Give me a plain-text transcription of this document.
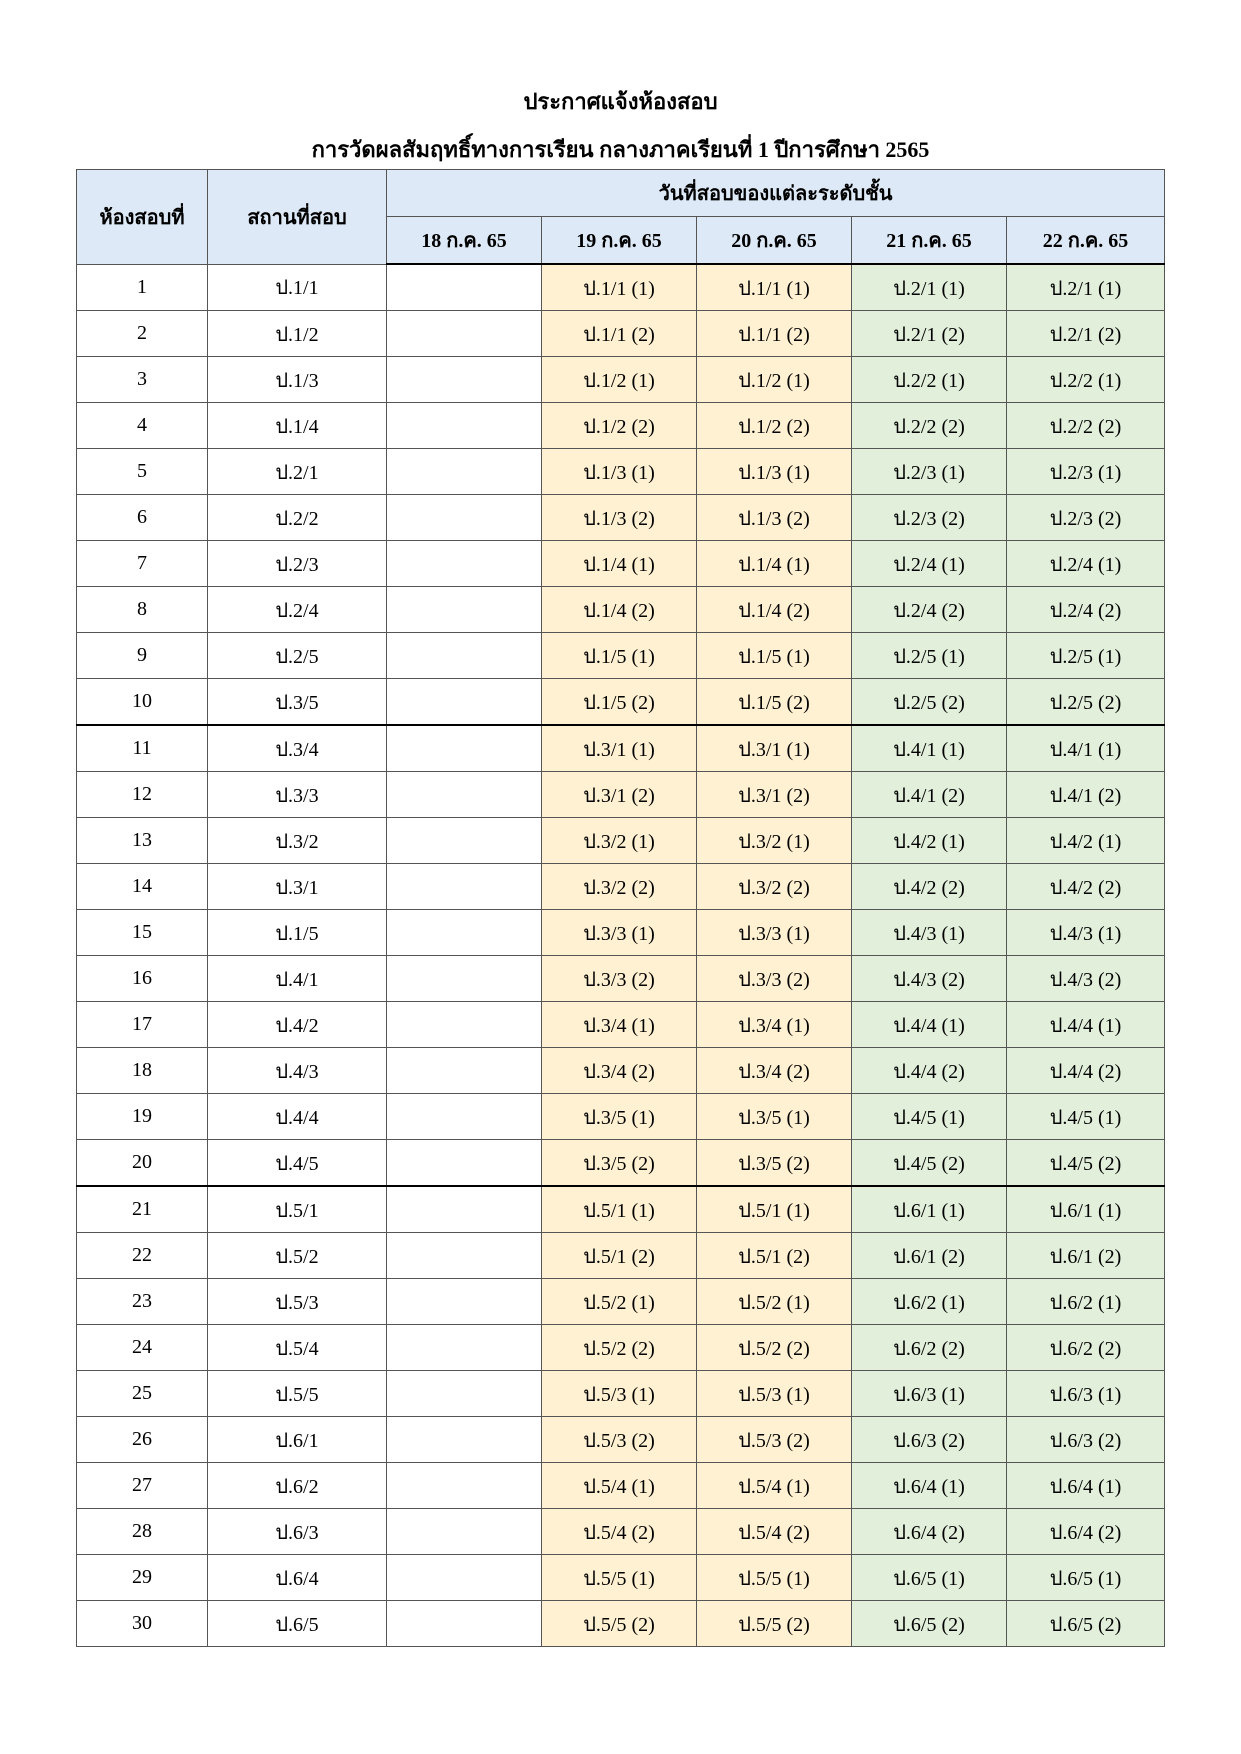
ประกาศแจ้งห้องสอบ
การวัดผลสัมฤทธิ์ทางการเรียน กลางภาคเรียนที่ 1 ปีการศึกษา 2565
ห้องสอบที่	สถานที่สอบ	วันที่สอบของแต่ละระดับชั้น				
		18 ก.ค. 65	19 ก.ค. 65	20 ก.ค. 65	21 ก.ค. 65	22 ก.ค. 65
1	ป.1/1		ป.1/1 (1)	ป.1/1 (1)	ป.2/1 (1)	ป.2/1 (1)
2	ป.1/2		ป.1/1 (2)	ป.1/1 (2)	ป.2/1 (2)	ป.2/1 (2)
3	ป.1/3		ป.1/2 (1)	ป.1/2 (1)	ป.2/2 (1)	ป.2/2 (1)
4	ป.1/4		ป.1/2 (2)	ป.1/2 (2)	ป.2/2 (2)	ป.2/2 (2)
5	ป.2/1		ป.1/3 (1)	ป.1/3 (1)	ป.2/3 (1)	ป.2/3 (1)
6	ป.2/2		ป.1/3 (2)	ป.1/3 (2)	ป.2/3 (2)	ป.2/3 (2)
7	ป.2/3		ป.1/4 (1)	ป.1/4 (1)	ป.2/4 (1)	ป.2/4 (1)
8	ป.2/4		ป.1/4 (2)	ป.1/4 (2)	ป.2/4 (2)	ป.2/4 (2)
9	ป.2/5		ป.1/5 (1)	ป.1/5 (1)	ป.2/5 (1)	ป.2/5 (1)
10	ป.3/5		ป.1/5 (2)	ป.1/5 (2)	ป.2/5 (2)	ป.2/5 (2)
11	ป.3/4		ป.3/1 (1)	ป.3/1 (1)	ป.4/1 (1)	ป.4/1 (1)
12	ป.3/3		ป.3/1 (2)	ป.3/1 (2)	ป.4/1 (2)	ป.4/1 (2)
13	ป.3/2		ป.3/2 (1)	ป.3/2 (1)	ป.4/2 (1)	ป.4/2 (1)
14	ป.3/1		ป.3/2 (2)	ป.3/2 (2)	ป.4/2 (2)	ป.4/2 (2)
15	ป.1/5		ป.3/3 (1)	ป.3/3 (1)	ป.4/3 (1)	ป.4/3 (1)
16	ป.4/1		ป.3/3 (2)	ป.3/3 (2)	ป.4/3 (2)	ป.4/3 (2)
17	ป.4/2		ป.3/4 (1)	ป.3/4 (1)	ป.4/4 (1)	ป.4/4 (1)
18	ป.4/3		ป.3/4 (2)	ป.3/4 (2)	ป.4/4 (2)	ป.4/4 (2)
19	ป.4/4		ป.3/5 (1)	ป.3/5 (1)	ป.4/5 (1)	ป.4/5 (1)
20	ป.4/5		ป.3/5 (2)	ป.3/5 (2)	ป.4/5 (2)	ป.4/5 (2)
21	ป.5/1		ป.5/1 (1)	ป.5/1 (1)	ป.6/1 (1)	ป.6/1 (1)
22	ป.5/2		ป.5/1 (2)	ป.5/1 (2)	ป.6/1 (2)	ป.6/1 (2)
23	ป.5/3		ป.5/2 (1)	ป.5/2 (1)	ป.6/2 (1)	ป.6/2 (1)
24	ป.5/4		ป.5/2 (2)	ป.5/2 (2)	ป.6/2 (2)	ป.6/2 (2)
25	ป.5/5		ป.5/3 (1)	ป.5/3 (1)	ป.6/3 (1)	ป.6/3 (1)
26	ป.6/1		ป.5/3 (2)	ป.5/3 (2)	ป.6/3 (2)	ป.6/3 (2)
27	ป.6/2		ป.5/4 (1)	ป.5/4 (1)	ป.6/4 (1)	ป.6/4 (1)
28	ป.6/3		ป.5/4 (2)	ป.5/4 (2)	ป.6/4 (2)	ป.6/4 (2)
29	ป.6/4		ป.5/5 (1)	ป.5/5 (1)	ป.6/5 (1)	ป.6/5 (1)
30	ป.6/5		ป.5/5 (2)	ป.5/5 (2)	ป.6/5 (2)	ป.6/5 (2)
